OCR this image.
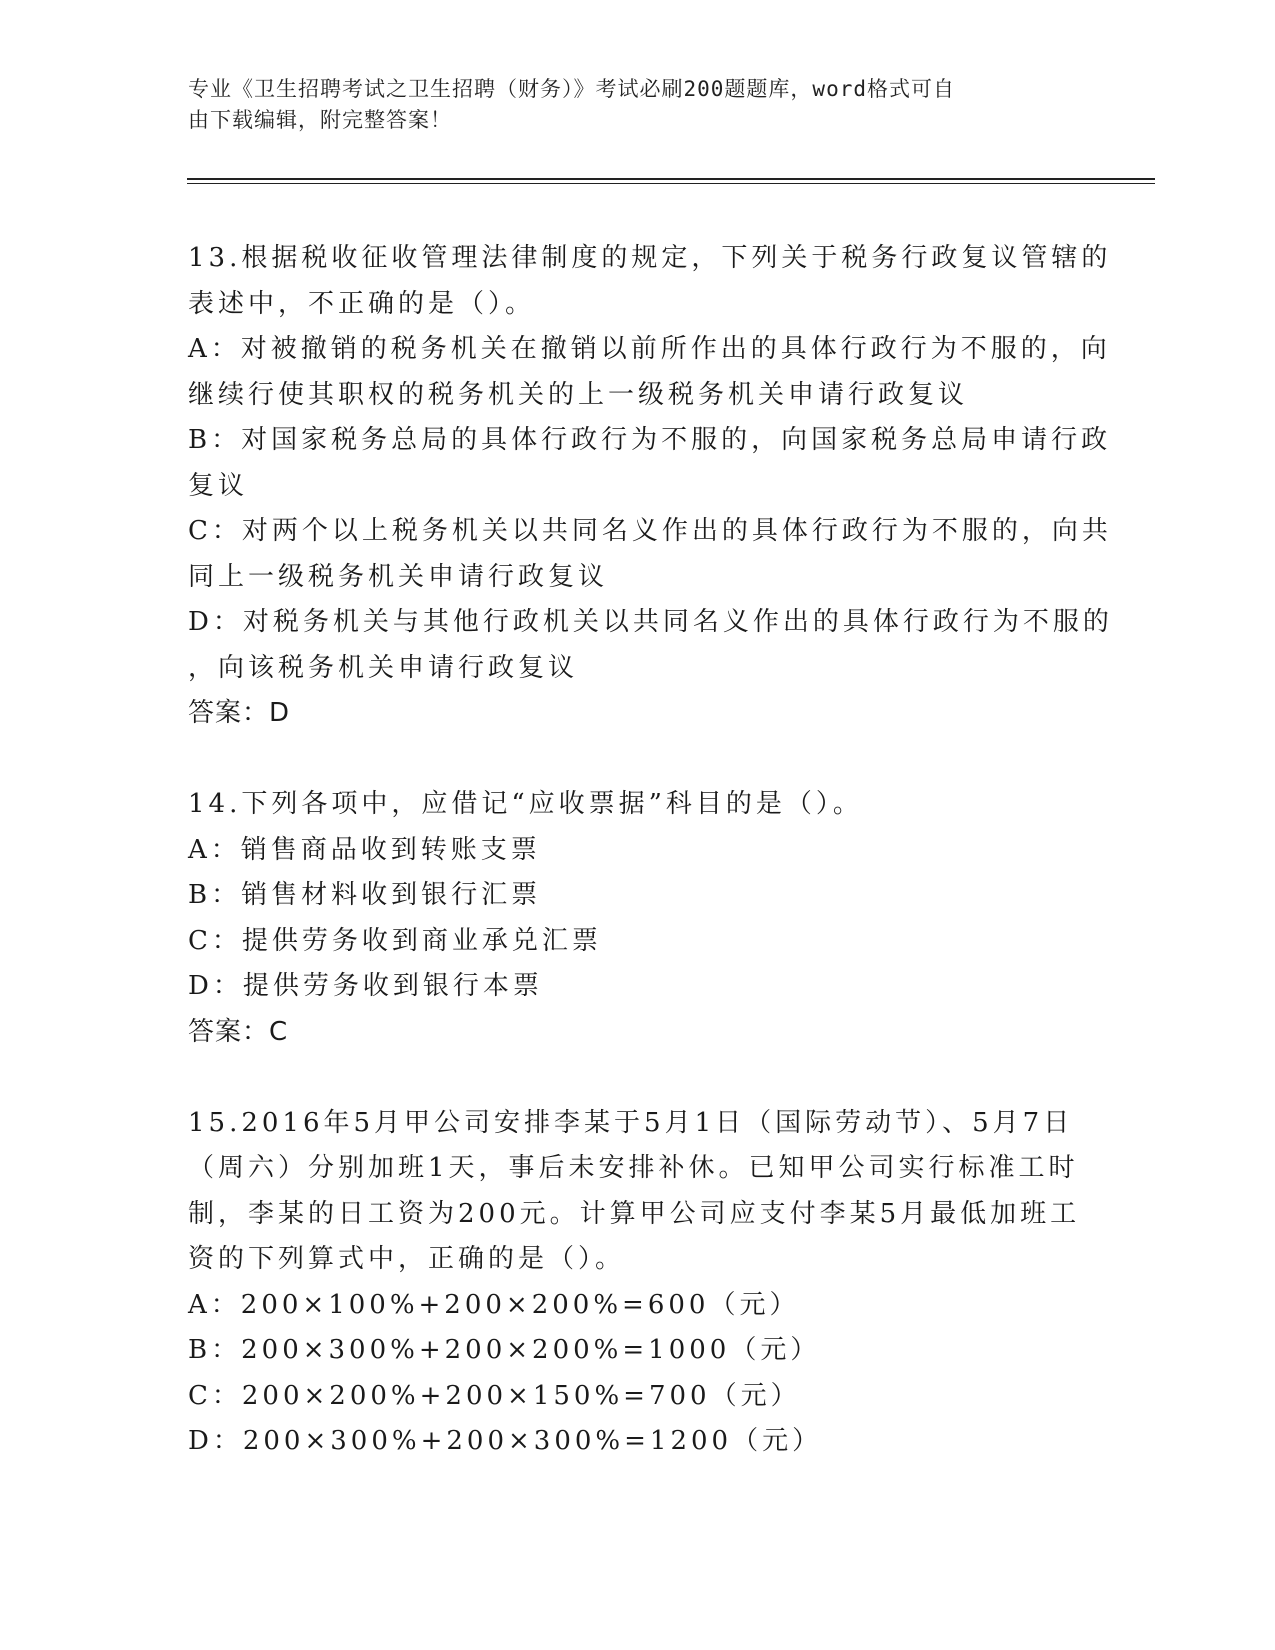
专业《卫生招聘考试之卫生招聘（财务）》考试必刷200题题库，word格式可自
由下载编辑，附完整答案！
13.根据税收征收管理法律制度的规定，下列关于税务行政复议管辖的
表述中，不正确的是（）。
A：对被撤销的税务机关在撤销以前所作出的具体行政行为不服的，向
继续行使其职权的税务机关的上一级税务机关申请行政复议
B：对国家税务总局的具体行政行为不服的，向国家税务总局申请行政
复议
C：对两个以上税务机关以共同名义作出的具体行政行为不服的，向共
同上一级税务机关申请行政复议
D：对税务机关与其他行政机关以共同名义作出的具体行政行为不服的
，向该税务机关申请行政复议
答案：D
14.下列各项中，应借记“应收票据”科目的是（）。
A：销售商品收到转账支票
B：销售材料收到银行汇票
C：提供劳务收到商业承兑汇票
D：提供劳务收到银行本票
答案：C
15.2016年5月甲公司安排李某于5月1日（国际劳动节）、5月7日
（周六）分别加班1天，事后未安排补休。已知甲公司实行标准工时
制，李某的日工资为200元。计算甲公司应支付李某5月最低加班工
资的下列算式中，正确的是（）。
A：200×100%+200×200%=600（元）
B：200×300%+200×200%=1000（元）
C：200×200%+200×150%=700（元）
D：200×300%+200×300%=1200（元）
